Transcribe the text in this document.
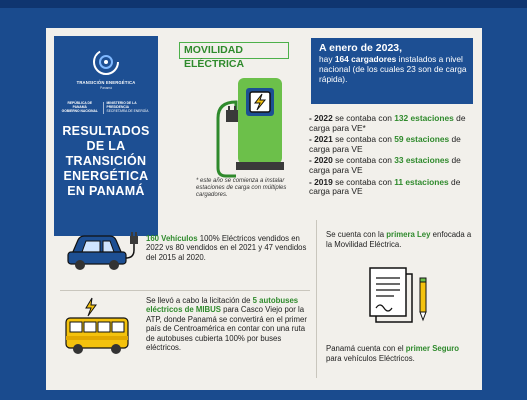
TRANSICIÓN ENERGÉTICA
Panamá
REPÚBLICA DE PANAMÁ
GOBIERNO NACIONAL
MINISTERIO DE LA PRESIDENCIA
SECRETARÍA DE ENERGÍA
RESULTADOS
DE LA
TRANSICIÓN
ENERGÉTICA
EN PANAMÁ
MOVILIDAD ELÉCTRICA
* este año se comienza a instalar estaciones de carga con múltiples cargadores.
A enero de 2023,
hay 164 cargadores instalados a nivel nacional (de los cuales 23 son de carga rápida).
- 2022 se contaba con 132 estaciones de carga para VE*
- 2021 se contaba con 59 estaciones de carga para VE
- 2020 se contaba con 33 estaciones de carga para VE
- 2019 se contaba con 11 estaciones de carga para VE
160 Vehículos 100% Eléctricos vendidos en 2022 vs 80 vendidos en el 2021 y 47 vendidos del 2015 al 2020.
Se llevó a cabo la licitación de 5 autobuses eléctricos de MIBUS para Casco Viejo por la ATP, donde Panamá se convertirá en el primer país de Centroamérica en contar con una ruta de autobuses cubierta 100% por buses eléctricos.
Se cuenta con la primera Ley enfocada a la Movilidad Eléctrica.
Panamá cuenta con el primer Seguro para vehículos Eléctricos.
